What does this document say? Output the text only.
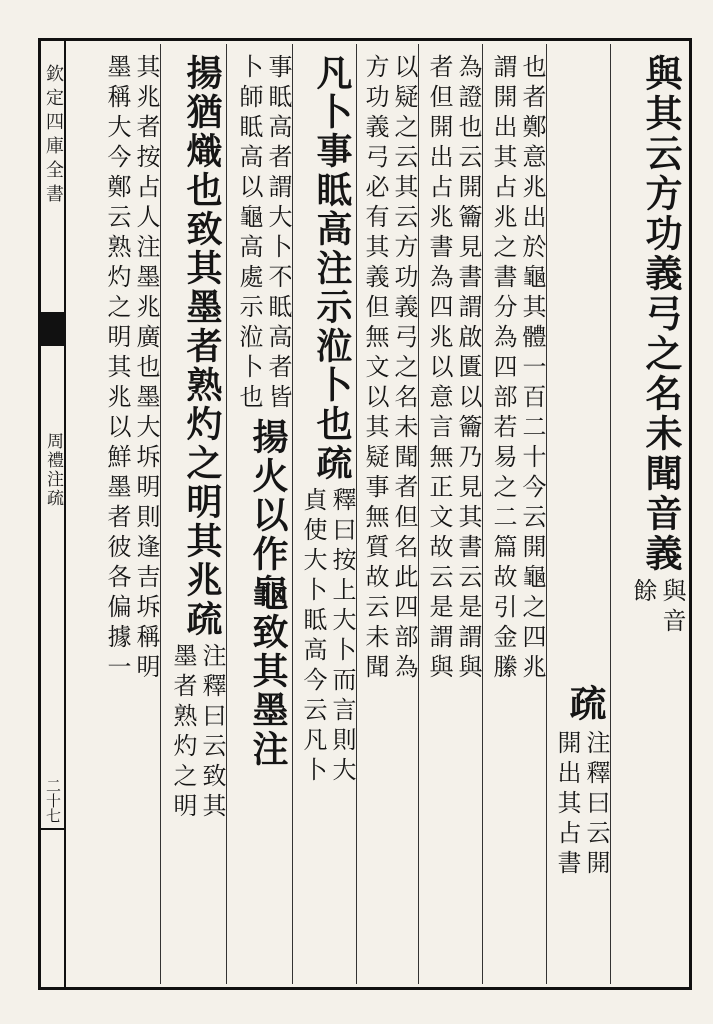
欽定四庫全書
周禮注疏
二十七
與其云方功義弓之名未聞音義
與音
餘
疏
注釋曰云開
開出其占書
也者鄭意兆出於龜其體一百二十今云開龜之四兆
謂開出其占兆之書分為四部若易之二篇故引金縢
為證也云開籥見書謂啟匱以籥乃見其書云是謂與
者但開出占兆書為四兆以意言無正文故云是謂與
以疑之云其云方功義弓之名未聞者但名此四部為
方功義弓必有其義但無文以其疑事無質故云未聞
凡卜事眡高注示涖卜也
疏
釋曰按上大卜而言則大
貞使大卜眡高今云凡卜
事眡高者謂大卜不眡高者皆
卜師眡高以龜高處示涖卜也
揚火以作龜致其墨注
揚猶熾也致其墨者熟灼之明其兆
疏
注釋曰云致其
墨者熟灼之明
其兆者按占人注墨兆廣也墨大坼明則逢吉坼稱明
墨稱大今鄭云熟灼之明其兆以鮮墨者彼各偏據一
